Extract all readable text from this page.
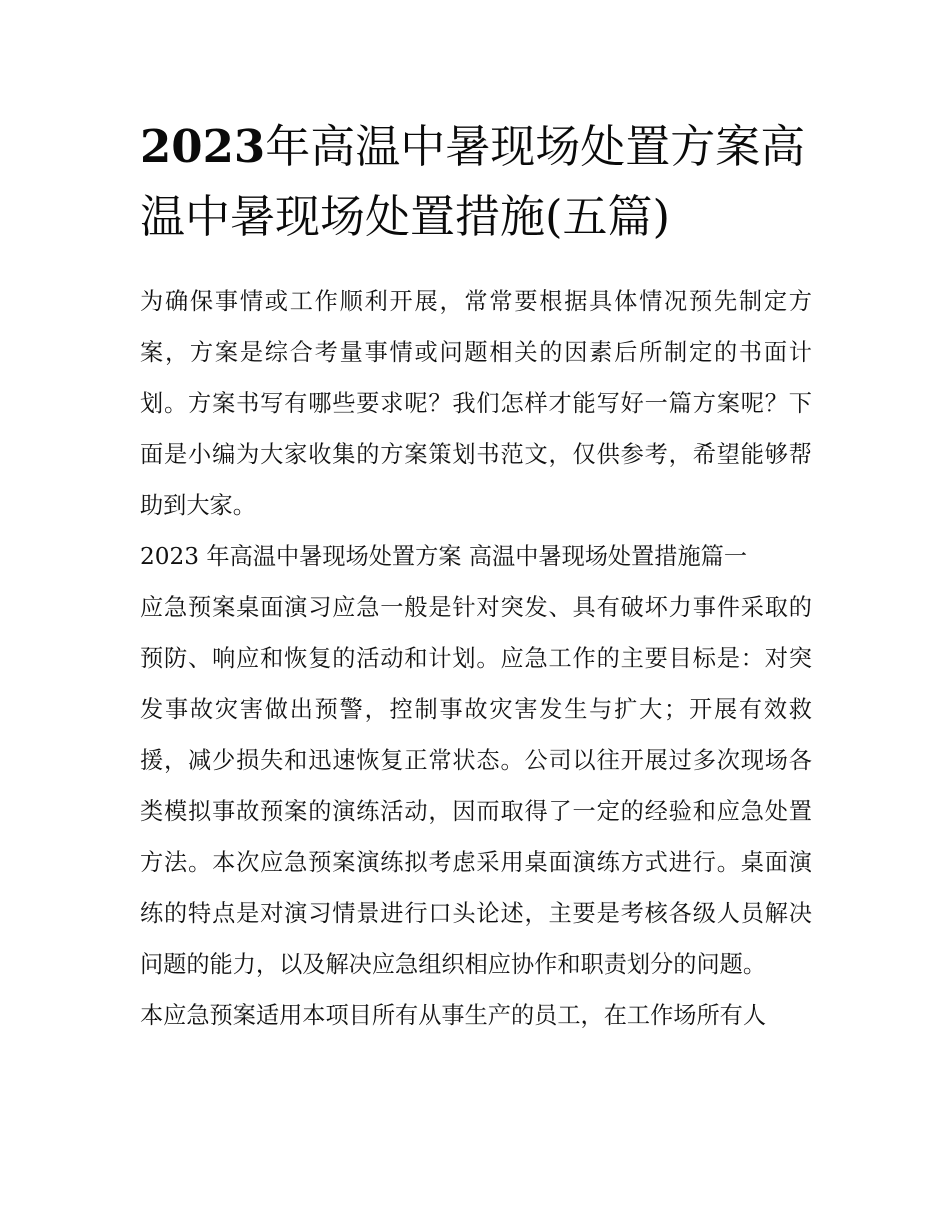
2023年高温中暑现场处置方案高温中暑现场处置措施(五篇)

为确保事情或工作顺利开展，常常要根据具体情况预先制定方案，方案是综合考量事情或问题相关的因素后所制定的书面计划。方案书写有哪些要求呢？我们怎样才能写好一篇方案呢？下面是小编为大家收集的方案策划书范文，仅供参考，希望能够帮助到大家。

2023 年高温中暑现场处置方案 高温中暑现场处置措施篇一

应急预案桌面演习应急一般是针对突发、具有破坏力事件采取的预防、响应和恢复的活动和计划。应急工作的主要目标是：对突发事故灾害做出预警，控制事故灾害发生与扩大；开展有效救援，减少损失和迅速恢复正常状态。公司以往开展过多次现场各类模拟事故预案的演练活动，因而取得了一定的经验和应急处置方法。本次应急预案演练拟考虑采用桌面演练方式进行。桌面演练的特点是对演习情景进行口头论述，主要是考核各级人员解决问题的能力，以及解决应急组织相应协作和职责划分的问题。

本应急预案适用本项目所有从事生产的员工，在工作场所有人
